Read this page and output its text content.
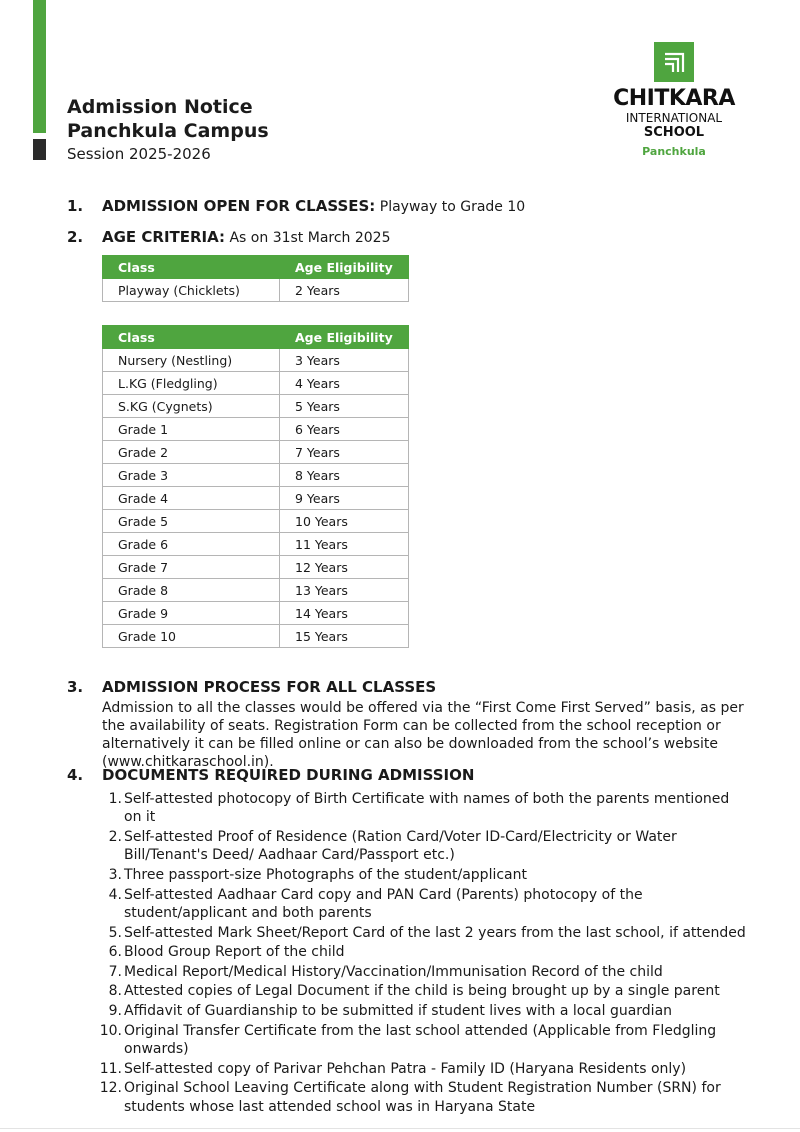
Admission Notice
Panchkula Campus
Session 2025-2026
CHITKARA
INTERNATIONAL
SCHOOL
Panchkula
1. ADMISSION OPEN FOR CLASSES: Playway to Grade 10
2. AGE CRITERIA: As on 31st March 2025
Class	Age Eligibility
Playway (Chicklets)	2 Years
Class	Age Eligibility
Nursery (Nestling)	3 Years
L.KG (Fledgling)	4 Years
S.KG (Cygnets)	5 Years
Grade 1	6 Years
Grade 2	7 Years
Grade 3	8 Years
Grade 4	9 Years
Grade 5	10 Years
Grade 6	11 Years
Grade 7	12 Years
Grade 8	13 Years
Grade 9	14 Years
Grade 10	15 Years
3. ADMISSION PROCESS FOR ALL CLASSES
Admission to all the classes would be offered via the “First Come First Served” basis, as per the availability of seats. Registration Form can be collected from the school reception or alternatively it can be filled online or can also be downloaded from the school’s website (www.chitkaraschool.in).
4. DOCUMENTS REQUIRED DURING ADMISSION
1. Self-attested photocopy of Birth Certificate with names of both the parents mentioned on it
2. Self-attested Proof of Residence (Ration Card/Voter ID-Card/Electricity or Water Bill/Tenant's Deed/ Aadhaar Card/Passport etc.)
3. Three passport-size Photographs of the student/applicant
4. Self-attested Aadhaar Card copy and PAN Card (Parents) photocopy of the student/applicant and both parents
5. Self-attested Mark Sheet/Report Card of the last 2 years from the last school, if attended
6. Blood Group Report of the child
7. Medical Report/Medical History/Vaccination/Immunisation Record of the child
8. Attested copies of Legal Document if the child is being brought up by a single parent
9. Affidavit of Guardianship to be submitted if student lives with a local guardian
10. Original Transfer Certificate from the last school attended (Applicable from Fledgling onwards)
11. Self-attested copy of Parivar Pehchan Patra - Family ID (Haryana Residents only)
12. Original School Leaving Certificate along with Student Registration Number (SRN) for students whose last attended school was in Haryana State
